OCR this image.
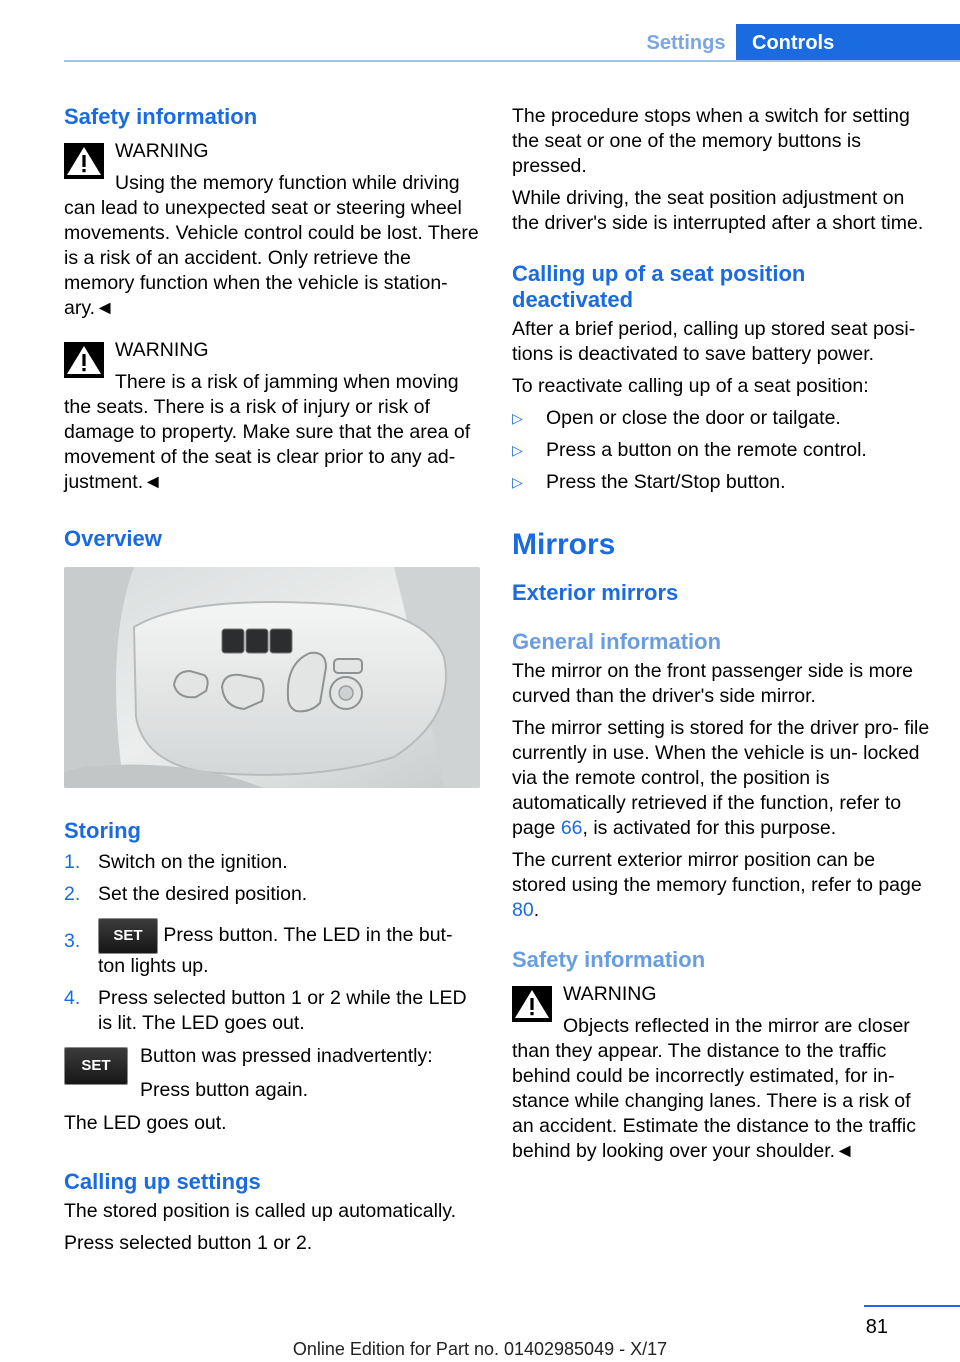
Settings	Controls
Safety information

WARNING

Using the memory function while driving

can lead to unexpected seat or steering wheel movements. Vehicle control could be lost. There is a risk of an accident. Only retrieve the memory function when the vehicle is station‐ ary.◄

WARNING

There is a risk of jamming when moving

the seats. There is a risk of injury or risk of damage to property. Make sure that the area of movement of the seat is clear prior to any ad‐ justment.◄

Overview
Storing
1. Switch on the ignition.
2. Set the desired position.
3. SET Press button. The LED in the but‐ ton lights up.
4. Press selected button 1 or 2 while the LED is lit. The LED goes out.
SET	Button was pressed inadvertently:

Press button again.

The LED goes out.

Calling up settings

The stored position is called up automatically.

Press selected button 1 or 2.

The procedure stops when a switch for setting the seat or one of the memory buttons is pressed.

While driving, the seat position adjustment on the driver's side is interrupted after a short time.

Calling up of a seat position deactivated

After a brief period, calling up stored seat posi‐ tions is deactivated to save battery power.

To reactivate calling up of a seat position:

▷ Open or close the door or tailgate.
▷ Press a button on the remote control.
▷ Press the Start/Stop button.
Mirrors
Exterior mirrors
General information

The mirror on the front passenger side is more curved than the driver's side mirror.

The mirror setting is stored for the driver pro‐ file currently in use. When the vehicle is un‐ locked via the remote control, the position is automatically retrieved if the function, refer to page 66, is activated for this purpose.

The current exterior mirror position can be stored using the memory function, refer to page 80.

Safety information

WARNING

Objects reflected in the mirror are closer

than they appear. The distance to the traffic behind could be incorrectly estimated, for in‐ stance while changing lanes. There is a risk of an accident. Estimate the distance to the traffic behind by looking over your shoulder.◄

81
Online Edition for Part no. 01402985049 - X/17
